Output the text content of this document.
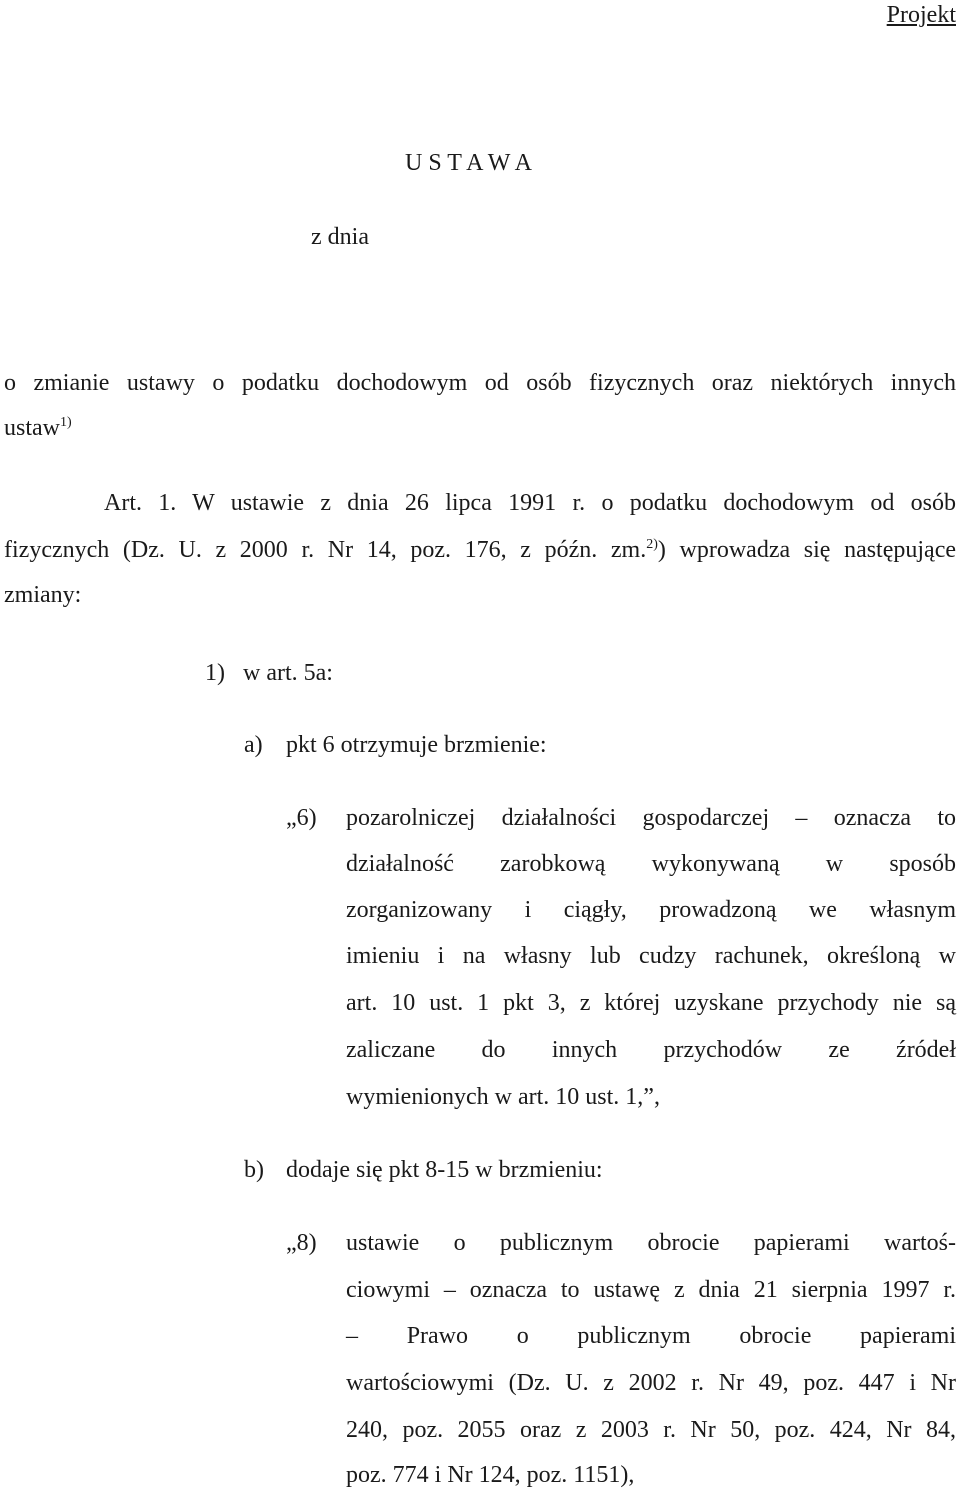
Projekt
U S T A W A
z dnia
o zmianie ustawy o podatku dochodowym od osób fizycznych oraz niektórych innych
ustaw$^{1)}$
Art. 1. W ustawie z dnia 26 lipca 1991 r. o podatku dochodowym od osób
fizycznych (Dz. U. z 2000 r. Nr 14, poz. 176, z późn. zm.$^{2)}$) wprowadza się następujące
zmiany:
1) w art. 5a:
a) pkt 6 otrzymuje brzmienie:
„6) pozarolniczej działalności gospodarczej – oznacza to
działalność zarobkową wykonywaną w sposób
zorganizowany i ciągły, prowadzoną we własnym
imieniu i na własny lub cudzy rachunek, określoną w
art. 10 ust. 1 pkt 3, z której uzyskane przychody nie są
zaliczane do innych przychodów ze źródeł
wymienionych w art. 10 ust. 1,”,
b) dodaje się pkt 8-15 w brzmieniu:
„8) ustawie o publicznym obrocie papierami wartoś-
ciowymi – oznacza to ustawę z dnia 21 sierpnia 1997 r.
– Prawo o publicznym obrocie papierami
wartościowymi (Dz. U. z 2002 r. Nr 49, poz. 447 i Nr
240, poz. 2055 oraz z 2003 r. Nr 50, poz. 424, Nr 84,
poz. 774 i Nr 124, poz. 1151),
